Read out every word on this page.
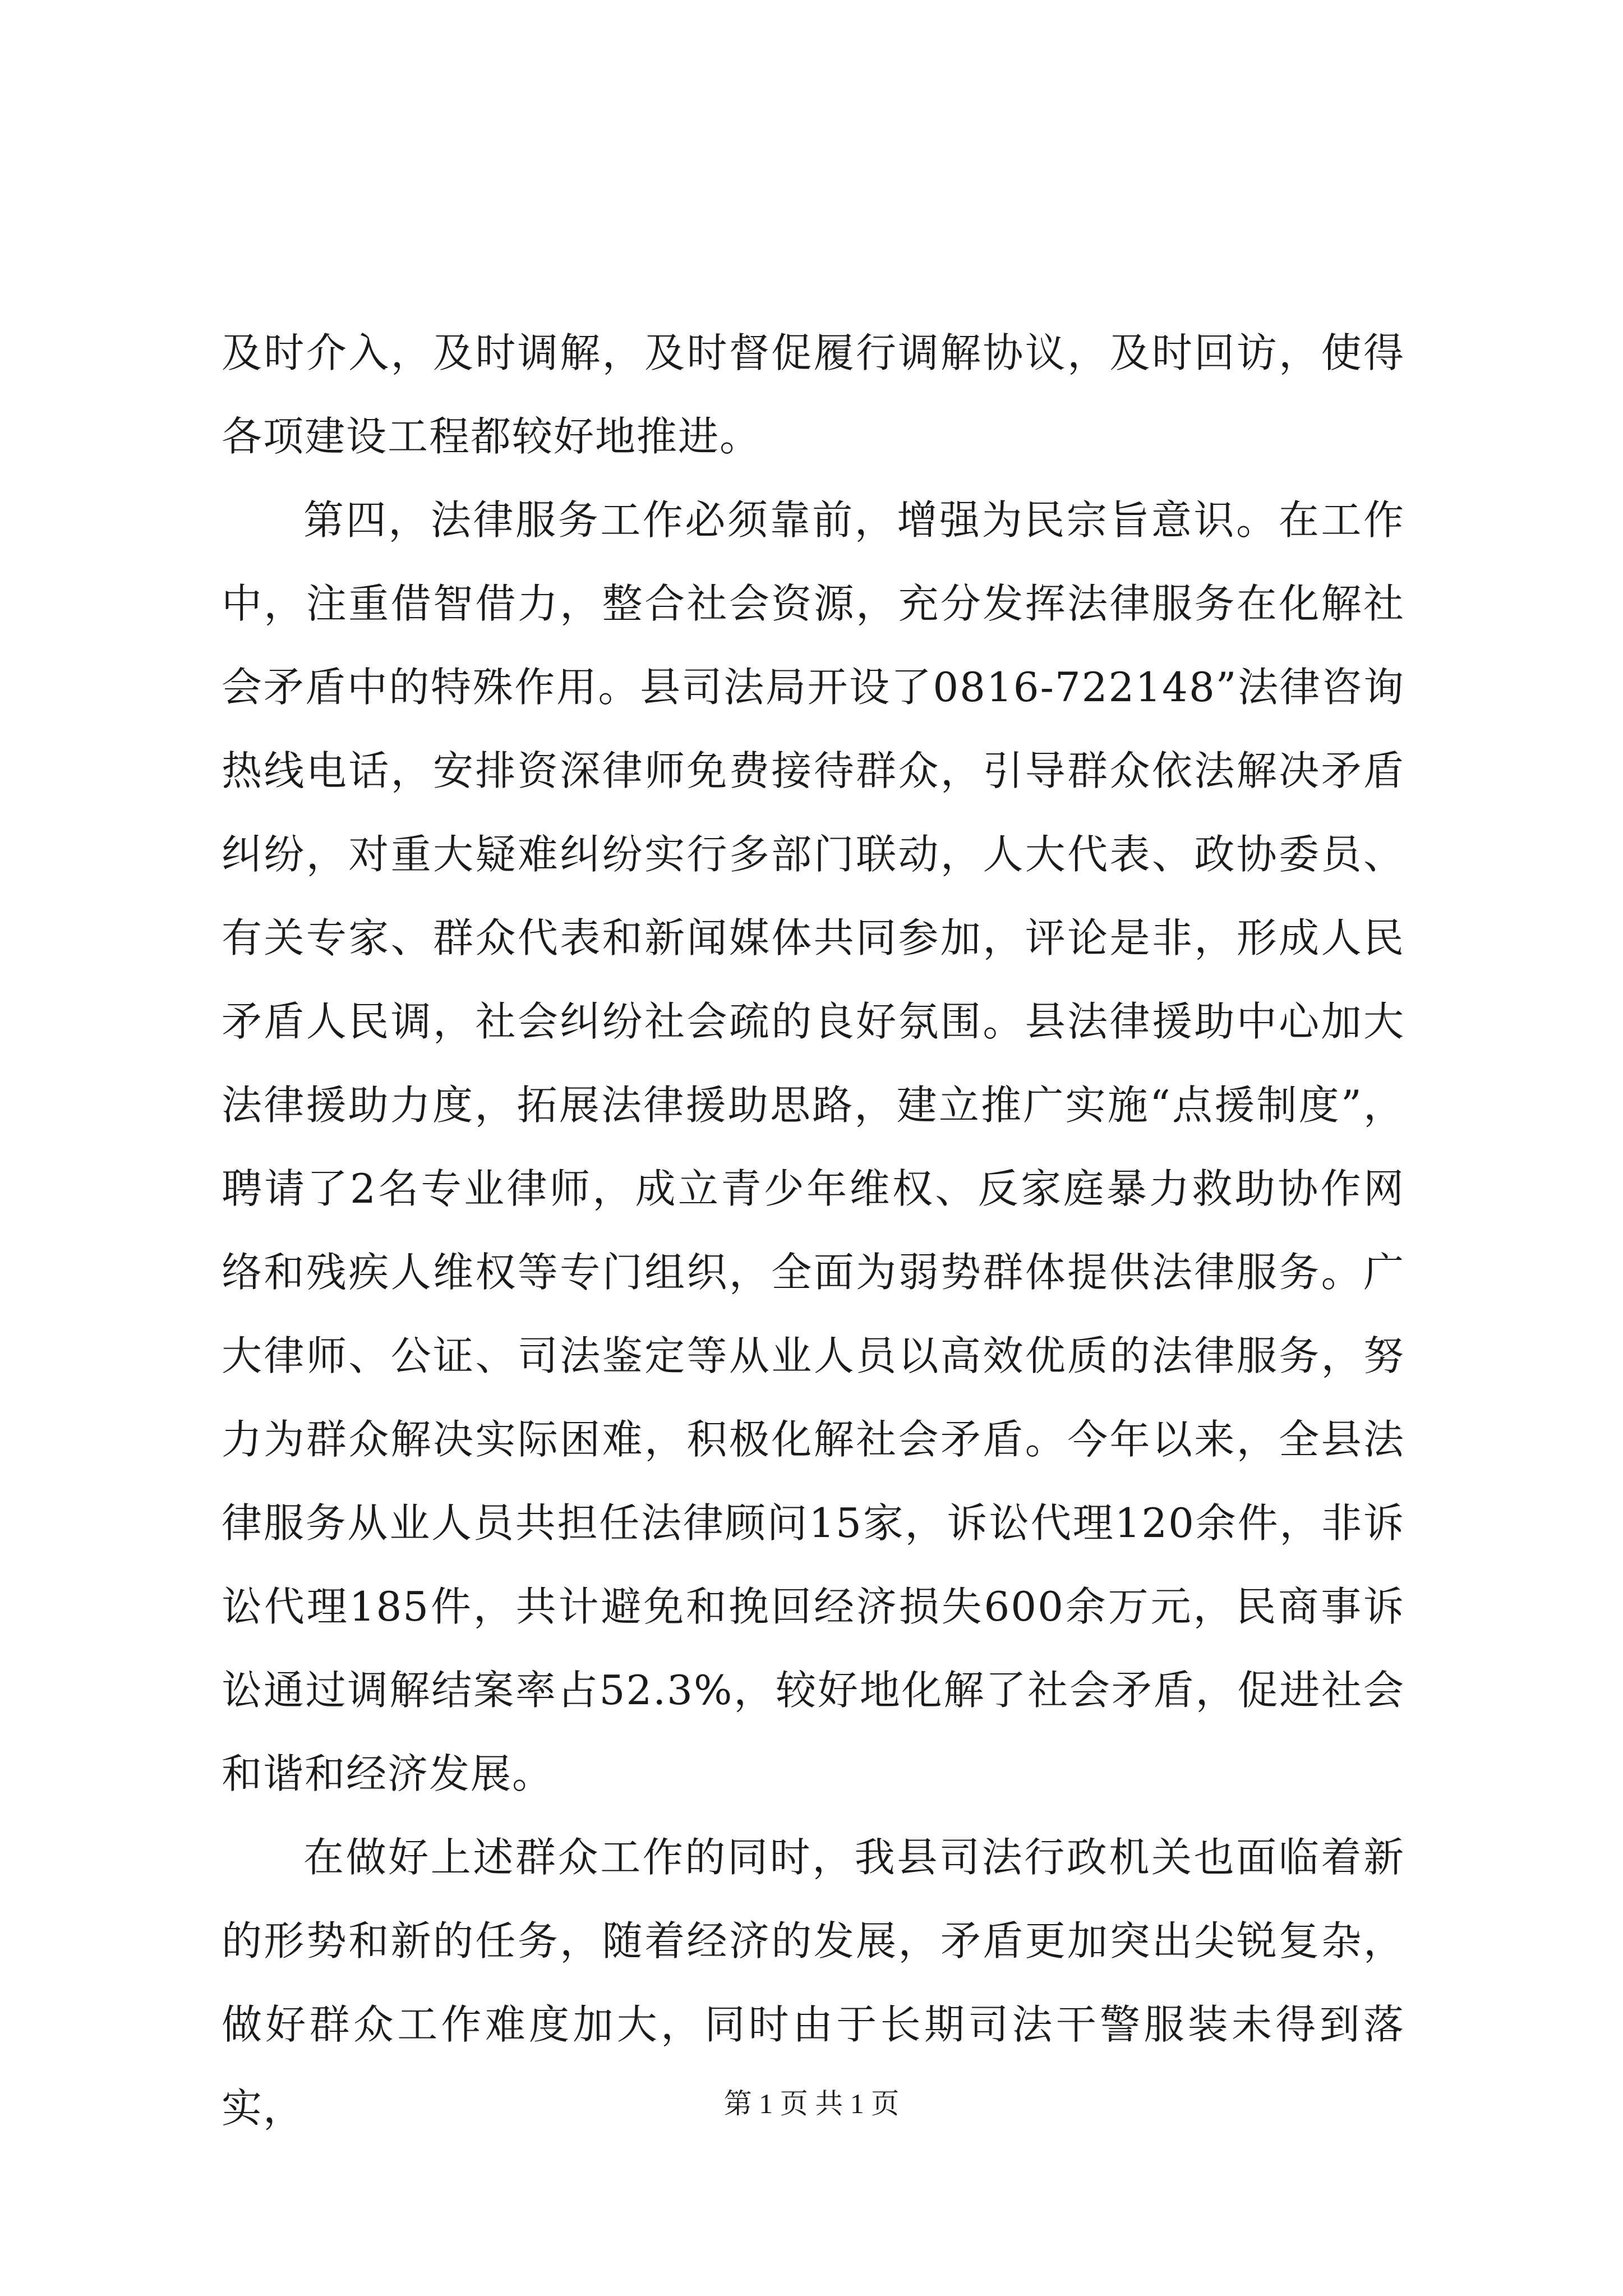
及时介入，及时调解，及时督促履行调解协议，及时回访，使得各项建设工程都较好地推进。

第四，法律服务工作必须靠前，增强为民宗旨意识。在工作中，注重借智借力，整合社会资源，充分发挥法律服务在化解社会矛盾中的特殊作用。县司法局开设了0816-722148”法律咨询热线电话，安排资深律师免费接待群众，引导群众依法解决矛盾纠纷，对重大疑难纠纷实行多部门联动，人大代表、政协委员、有关专家、群众代表和新闻媒体共同参加，评论是非，形成人民矛盾人民调，社会纠纷社会疏的良好氛围。县法律援助中心加大法律援助力度，拓展法律援助思路，建立推广实施“点援制度”，聘请了2名专业律师，成立青少年维权、反家庭暴力救助协作网络和残疾人维权等专门组织，全面为弱势群体提供法律服务。广大律师、公证、司法鉴定等从业人员以高效优质的法律服务，努力为群众解决实际困难，积极化解社会矛盾。今年以来，全县法律服务从业人员共担任法律顾问15家，诉讼代理120余件，非诉讼代理185件，共计避免和挽回经济损失600余万元，民商事诉讼通过调解结案率占52.3%，较好地化解了社会矛盾，促进社会和谐和经济发展。

在做好上述群众工作的同时，我县司法行政机关也面临着新的形势和新的任务，随着经济的发展，矛盾更加突出尖锐复杂，做好群众工作难度加大，同时由于长期司法干警服装未得到落实，	第 1 页 共 1 页
